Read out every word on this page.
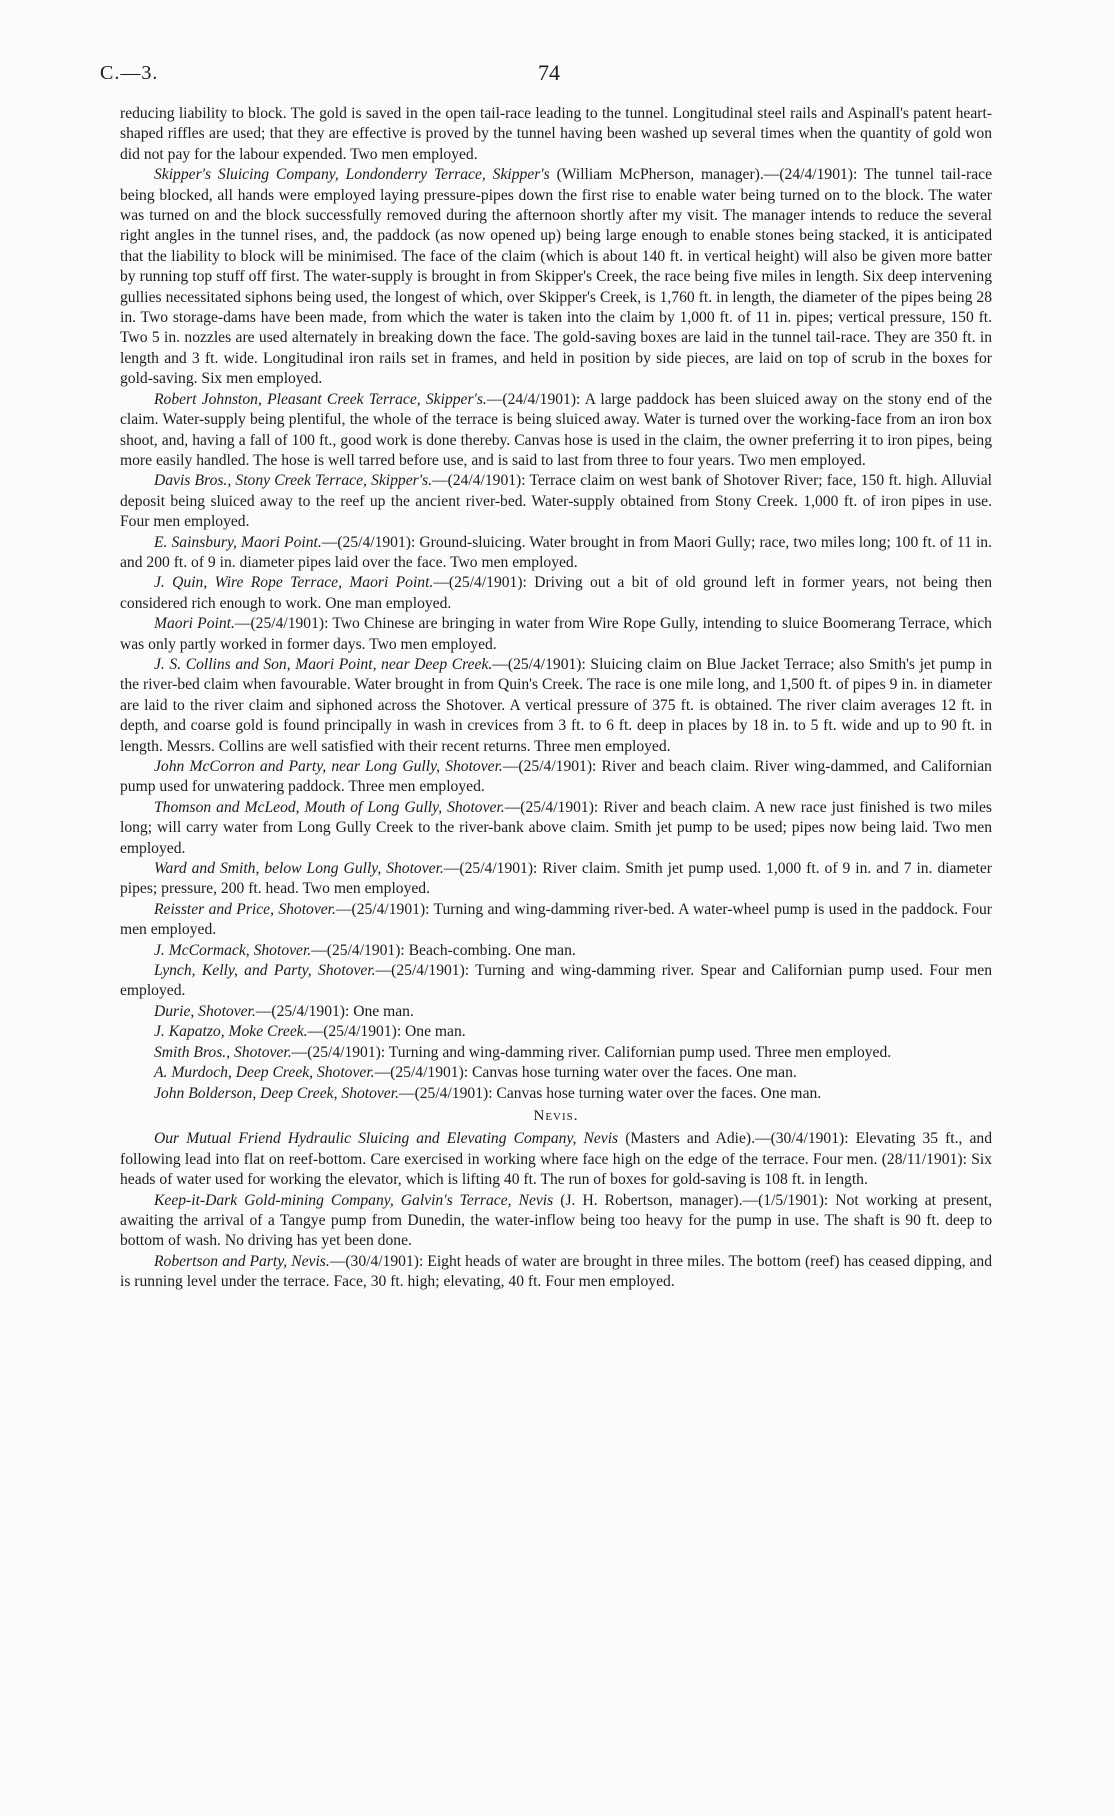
C.—3.	74

reducing liability to block. The gold is saved in the open tail-race leading to the tunnel. Longitudinal steel rails and Aspinall's patent heart-shaped riffles are used; that they are effective is proved by the tunnel having been washed up several times when the quantity of gold won did not pay for the labour expended. Two men employed.

Skipper's Sluicing Company, Londonderry Terrace, Skipper's (William McPherson, manager).—(24/4/1901): The tunnel tail-race being blocked, all hands were employed laying pressure-pipes down the first rise to enable water being turned on to the block. The water was turned on and the block successfully removed during the afternoon shortly after my visit. The manager intends to reduce the several right angles in the tunnel rises, and, the paddock (as now opened up) being large enough to enable stones being stacked, it is anticipated that the liability to block will be minimised. The face of the claim (which is about 140 ft. in vertical height) will also be given more batter by running top stuff off first. The water-supply is brought in from Skipper's Creek, the race being five miles in length. Six deep intervening gullies necessitated siphons being used, the longest of which, over Skipper's Creek, is 1,760 ft. in length, the diameter of the pipes being 28 in. Two storage-dams have been made, from which the water is taken into the claim by 1,000 ft. of 11 in. pipes; vertical pressure, 150 ft. Two 5 in. nozzles are used alternately in breaking down the face. The gold-saving boxes are laid in the tunnel tail-race. They are 350 ft. in length and 3 ft. wide. Longitudinal iron rails set in frames, and held in position by side pieces, are laid on top of scrub in the boxes for gold-saving. Six men employed.

Robert Johnston, Pleasant Creek Terrace, Skipper's.—(24/4/1901): A large paddock has been sluiced away on the stony end of the claim. Water-supply being plentiful, the whole of the terrace is being sluiced away. Water is turned over the working-face from an iron box shoot, and, having a fall of 100 ft., good work is done thereby. Canvas hose is used in the claim, the owner preferring it to iron pipes, being more easily handled. The hose is well tarred before use, and is said to last from three to four years. Two men employed.

Davis Bros., Stony Creek Terrace, Skipper's.—(24/4/1901): Terrace claim on west bank of Shotover River; face, 150 ft. high. Alluvial deposit being sluiced away to the reef up the ancient river-bed. Water-supply obtained from Stony Creek. 1,000 ft. of iron pipes in use. Four men employed.

E. Sainsbury, Maori Point.—(25/4/1901): Ground-sluicing. Water brought in from Maori Gully; race, two miles long; 100 ft. of 11 in. and 200 ft. of 9 in. diameter pipes laid over the face. Two men employed.

J. Quin, Wire Rope Terrace, Maori Point.—(25/4/1901): Driving out a bit of old ground left in former years, not being then considered rich enough to work. One man employed.

Maori Point.—(25/4/1901): Two Chinese are bringing in water from Wire Rope Gully, intending to sluice Boomerang Terrace, which was only partly worked in former days. Two men employed.

J. S. Collins and Son, Maori Point, near Deep Creek.—(25/4/1901): Sluicing claim on Blue Jacket Terrace; also Smith's jet pump in the river-bed claim when favourable. Water brought in from Quin's Creek. The race is one mile long, and 1,500 ft. of pipes 9 in. in diameter are laid to the river claim and siphoned across the Shotover. A vertical pressure of 375 ft. is obtained. The river claim averages 12 ft. in depth, and coarse gold is found principally in wash in crevices from 3 ft. to 6 ft. deep in places by 18 in. to 5 ft. wide and up to 90 ft. in length. Messrs. Collins are well satisfied with their recent returns. Three men employed.

John McCorron and Party, near Long Gully, Shotover.—(25/4/1901): River and beach claim. River wing-dammed, and Californian pump used for unwatering paddock. Three men employed.

Thomson and McLeod, Mouth of Long Gully, Shotover.—(25/4/1901): River and beach claim. A new race just finished is two miles long; will carry water from Long Gully Creek to the river-bank above claim. Smith jet pump to be used; pipes now being laid. Two men employed.

Ward and Smith, below Long Gully, Shotover.—(25/4/1901): River claim. Smith jet pump used. 1,000 ft. of 9 in. and 7 in. diameter pipes; pressure, 200 ft. head. Two men employed.

Reisster and Price, Shotover.—(25/4/1901): Turning and wing-damming river-bed. A water-wheel pump is used in the paddock. Four men employed.

J. McCormack, Shotover.—(25/4/1901): Beach-combing. One man.

Lynch, Kelly, and Party, Shotover.—(25/4/1901): Turning and wing-damming river. Spear and Californian pump used. Four men employed.

Durie, Shotover.—(25/4/1901): One man.

J. Kapatzo, Moke Creek.—(25/4/1901): One man.

Smith Bros., Shotover.—(25/4/1901): Turning and wing-damming river. Californian pump used. Three men employed.

A. Murdoch, Deep Creek, Shotover.—(25/4/1901): Canvas hose turning water over the faces. One man.

John Bolderson, Deep Creek, Shotover.—(25/4/1901): Canvas hose turning water over the faces. One man.

Nevis.

Our Mutual Friend Hydraulic Sluicing and Elevating Company, Nevis (Masters and Adie).—(30/4/1901): Elevating 35 ft., and following lead into flat on reef-bottom. Care exercised in working where face high on the edge of the terrace. Four men. (28/11/1901): Six heads of water used for working the elevator, which is lifting 40 ft. The run of boxes for gold-saving is 108 ft. in length.

Keep-it-Dark Gold-mining Company, Galvin's Terrace, Nevis (J. H. Robertson, manager).—(1/5/1901): Not working at present, awaiting the arrival of a Tangye pump from Dunedin, the water-inflow being too heavy for the pump in use. The shaft is 90 ft. deep to bottom of wash. No driving has yet been done.

Robertson and Party, Nevis.—(30/4/1901): Eight heads of water are brought in three miles. The bottom (reef) has ceased dipping, and is running level under the terrace. Face, 30 ft. high; elevating, 40 ft. Four men employed.
